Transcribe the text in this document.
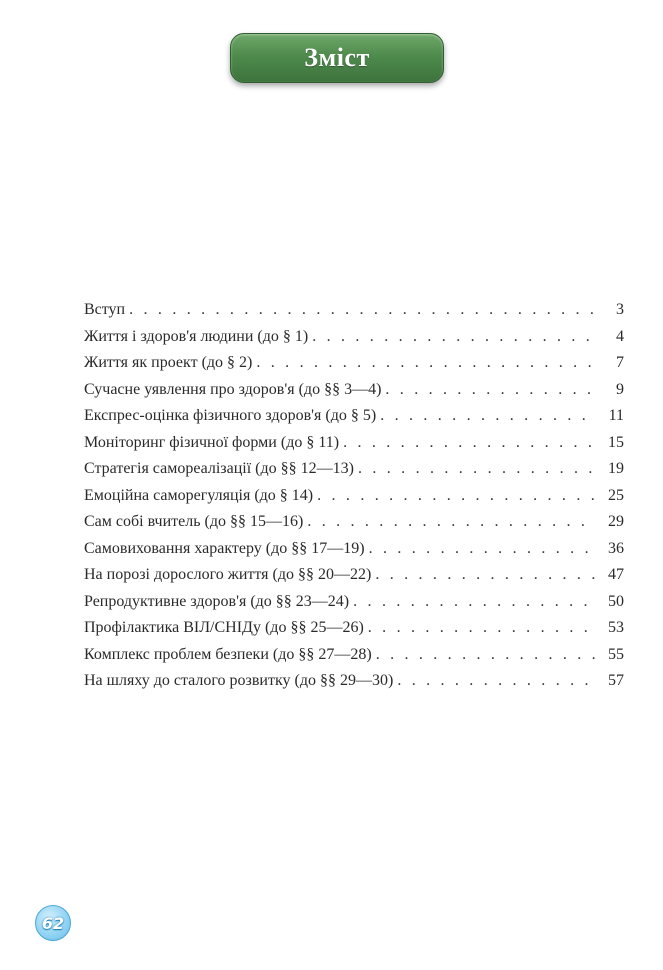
Зміст
Вступ . . .	3
Життя і здоров'я людини (до § 1) . . .	4
Життя як проект (до § 2) . . .	7
Сучасне уявлення про здоров'я (до §§ 3—4) . . .	9
Експрес-оцінка фізичного здоров'я (до § 5) . . .	11
Моніторинг фізичної форми (до § 11) . . .	15
Стратегія самореалізації (до §§ 12—13) . . .	19
Емоційна саморегуляція (до § 14) . . .	25
Сам собі вчитель (до §§ 15—16) . . .	29
Самовиховання характеру (до §§ 17—19) . . .	36
На порозі дорослого життя (до §§ 20—22) . . .	47
Репродуктивне здоров'я (до §§ 23—24) . . .	50
Профілактика ВІЛ/СНІДу (до §§ 25—26) . . .	53
Комплекс проблем безпеки (до §§ 27—28) . . .	55
На шляху до сталого розвитку (до §§ 29—30) . . .	57
62
